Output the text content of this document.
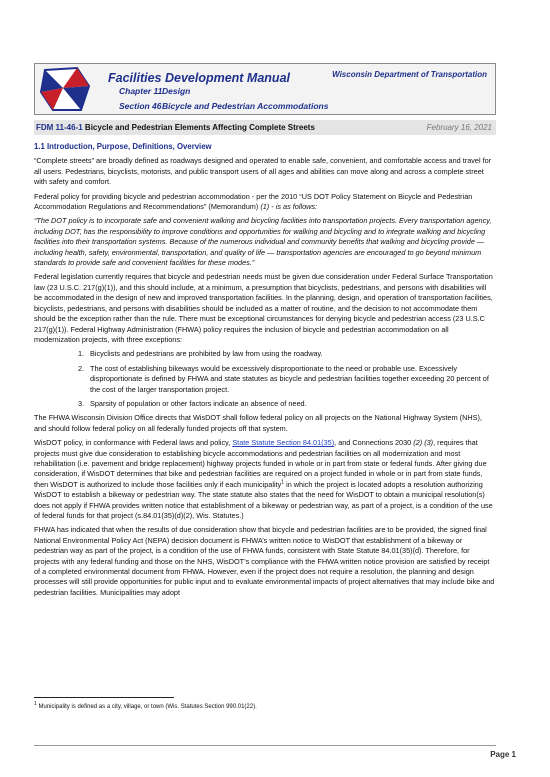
Facilities Development Manual	Wisconsin Department of Transportation
Chapter 11 Design
Section 46 Bicycle and Pedestrian Accommodations
FDM 11-46-1 Bicycle and Pedestrian Elements Affecting Complete Streets	February 16, 2021

1.1 Introduction, Purpose, Definitions, Overview

“Complete streets” are broadly defined as roadways designed and operated to enable safe, convenient, and comfortable access and travel for all users. Pedestrians, bicyclists, motorists, and public transport users of all ages and abilities can move along and across a complete street with safety and comfort.

Federal policy for providing bicycle and pedestrian accommodation - per the 2010 “US DOT Policy Statement on Bicycle and Pedestrian Accommodation Regulations and Recommendations” (Memorandum) (1) - is as follows:

“The DOT policy is to incorporate safe and convenient walking and bicycling facilities into transportation projects. Every transportation agency, including DOT, has the responsibility to improve conditions and opportunities for walking and bicycling and to integrate walking and bicycling facilities into their transportation systems. Because of the numerous individual and community benefits that walking and bicycling provide — including health, safety, environmental, transportation, and quality of life — transportation agencies are encouraged to go beyond minimum standards to provide safe and convenient facilities for these modes.”

Federal legislation currently requires that bicycle and pedestrian needs must be given due consideration under Federal Surface Transportation law (23 U.S.C. 217(g)(1)), and this should include, at a minimum, a presumption that bicyclists, pedestrians, and persons with disabilities will be accommodated in the design of new and improved transportation facilities. In the planning, design, and operation of transportation facilities, bicyclists, pedestrians, and persons with disabilities should be included as a matter of routine, and the decision to not accommodate them should be the exception rather than the rule. There must be exceptional circumstances for denying bicycle and pedestrian access (23 U.S.C 217(g)(1)). Federal Highway Administration (FHWA) policy requires the inclusion of bicycle and pedestrian accommodation on all modernization projects, with three exceptions:

1. Bicyclists and pedestrians are prohibited by law from using the roadway.
2. The cost of establishing bikeways would be excessively disproportionate to the need or probable use. Excessively disproportionate is defined by FHWA and state statutes as bicycle and pedestrian facilities together exceeding 20 percent of the cost of the larger transportation project.
3. Sparsity of population or other factors indicate an absence of need.

The FHWA Wisconsin Division Office directs that WisDOT shall follow federal policy on all projects on the National Highway System (NHS), and should follow federal policy on all federally funded projects off that system.

WisDOT policy, in conformance with Federal laws and policy, State Statute Section 84.01(35), and Connections 2030 (2) (3), requires that projects must give due consideration to establishing bicycle accommodations and pedestrian facilities on all modernization and most rehabilitation (i.e. pavement and bridge replacement) highway projects funded in whole or in part from state or federal funds. After giving due consideration, if WisDOT determines that bike and pedestrian facilities are required on a project funded in whole or in part from state funds, then WisDOT is authorized to include those facilities only if each municipality$^1$ in which the project is located adopts a resolution authorizing WisDOT to establish a bikeway or pedestrian way. The state statute also states that the need for WisDOT to obtain a municipal resolution(s) does not apply if FHWA provides written notice that establishment of a bikeway or pedestrian way, as part of a project, is a condition of the use of federal funds for that project (s.84.01(35)(d)(2), Wis. Statutes.)

FHWA has indicated that when the results of due consideration show that bicycle and pedestrian facilities are to be provided, the signed final National Environmental Policy Act (NEPA) decision document is FHWA’s written notice to WisDOT that establishment of a bikeway or pedestrian way as part of the project, is a condition of the use of FHWA funds, consistent with State Statute 84.01(35)(d). Therefore, for projects with any federal funding and those on the NHS, WisDOT’s compliance with the FHWA written notice provision are satisfied by receipt of a completed environmental document from FHWA. However, even if the project does not require a resolution, the planning and design processes will still provide opportunities for public input and to evaluate environmental impacts of project alternatives that may include bike and pedestrian facilities. Municipalities may adopt

$^1$ Municipality is defined as a city, village, or town (Wis. Statutes Section 990.01(22).
Page 1
